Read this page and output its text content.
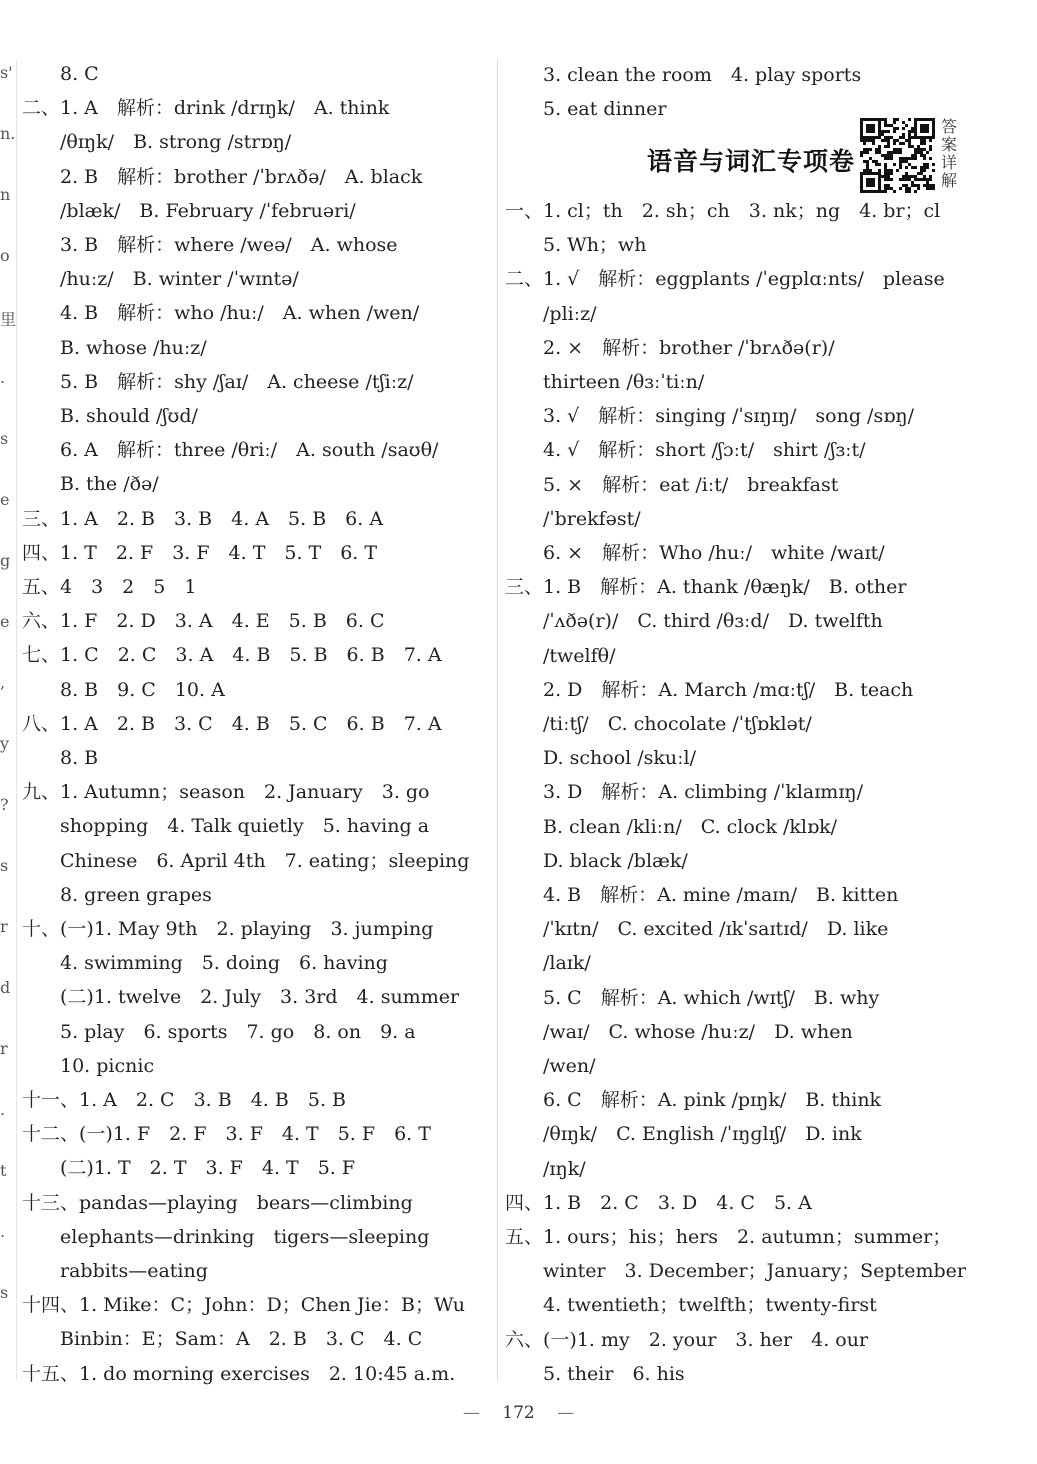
s'
n.
n
o
里
.
s
e
g
e
,
y
?
s
r
d
r
.
t
.
s
　　8. C
二、1. A　解析：drink /drɪŋk/　A. think
　　/θɪŋk/　B. strong /strɒŋ/
　　2. B　解析：brother /ˈbrʌðə/　A. black
　　/blæk/　B. February /ˈfebruəri/
　　3. B　解析：where /weə/　A. whose
　　/huːz/　B. winter /ˈwɪntə/
　　4. B　解析：who /huː/　A. when /wen/
　　B. whose /huːz/
　　5. B　解析：shy /ʃaɪ/　A. cheese /tʃiːz/
　　B. should /ʃʊd/
　　6. A　解析：three /θriː/　A. south /saʊθ/
　　B. the /ðə/
三、1. A　2. B　3. B　4. A　5. B　6. A
四、1. T　2. F　3. F　4. T　5. T　6. T
五、4　3　2　5　1
六、1. F　2. D　3. A　4. E　5. B　6. C
七、1. C　2. C　3. A　4. B　5. B　6. B　7. A
　　8. B　9. C　10. A
八、1. A　2. B　3. C　4. B　5. C　6. B　7. A
　　8. B
九、1. Autumn；season　2. January　3. go
　　shopping　4. Talk quietly　5. having a
　　Chinese　6. April 4th　7. eating；sleeping
　　8. green grapes
十、(一)1. May 9th　2. playing　3. jumping
　　4. swimming　5. doing　6. having
　　(二)1. twelve　2. July　3. 3rd　4. summer
　　5. play　6. sports　7. go　8. on　9. a
　　10. picnic
十一、1. A　2. C　3. B　4. B　5. B
十二、(一)1. F　2. F　3. F　4. T　5. F　6. T
　　(二)1. T　2. T　3. F　4. T　5. F
十三、pandas—playing　bears—climbing
　　elephants—drinking　tigers—sleeping
　　rabbits—eating
十四、1. Mike：C；John：D；Chen Jie：B；Wu
　　Binbin：E；Sam：A　2. B　3. C　4. C
十五、1. do morning exercises　2. 10:45 a.m.
语音与词汇专项卷
答案详解
　　3. clean the room　4. play sports
　　5. eat dinner
一、1. cl；th　2. sh；ch　3. nk；ng　4. br；cl
　　5. Wh；wh
二、1. √　解析：eggplants /ˈeɡplɑːnts/　please
　　/pliːz/
　　2. ×　解析：brother /ˈbrʌðə(r)/
　　thirteen /θɜːˈtiːn/
　　3. √　解析：singing /ˈsɪŋɪŋ/　song /sɒŋ/
　　4. √　解析：short /ʃɔːt/　shirt /ʃɜːt/
　　5. ×　解析：eat /iːt/　breakfast
　　/ˈbrekfəst/
　　6. ×　解析：Who /huː/　white /waɪt/
三、1. B　解析：A. thank /θæŋk/　B. other
　　/ˈʌðə(r)/　C. third /θɜːd/　D. twelfth
　　/twelfθ/
　　2. D　解析：A. March /mɑːtʃ/　B. teach
　　/tiːtʃ/　C. chocolate /ˈtʃɒklət/
　　D. school /skuːl/
　　3. D　解析：A. climbing /ˈklaɪmɪŋ/
　　B. clean /kliːn/　C. clock /klɒk/
　　D. black /blæk/
　　4. B　解析：A. mine /maɪn/　B. kitten
　　/ˈkɪtn/　C. excited /ɪkˈsaɪtɪd/　D. like
　　/laɪk/
　　5. C　解析：A. which /wɪtʃ/　B. why
　　/waɪ/　C. whose /huːz/　D. when
　　/wen/
　　6. C　解析：A. pink /pɪŋk/　B. think
　　/θɪŋk/　C. English /ˈɪŋɡlɪʃ/　D. ink
　　/ɪŋk/
四、1. B　2. C　3. D　4. C　5. A
五、1. ours；his；hers　2. autumn；summer；
　　winter　3. December；January；September
　　4. twentieth；twelfth；twenty-first
六、(一)1. my　2. your　3. her　4. our
　　5. their　6. his
—　 172 　—
